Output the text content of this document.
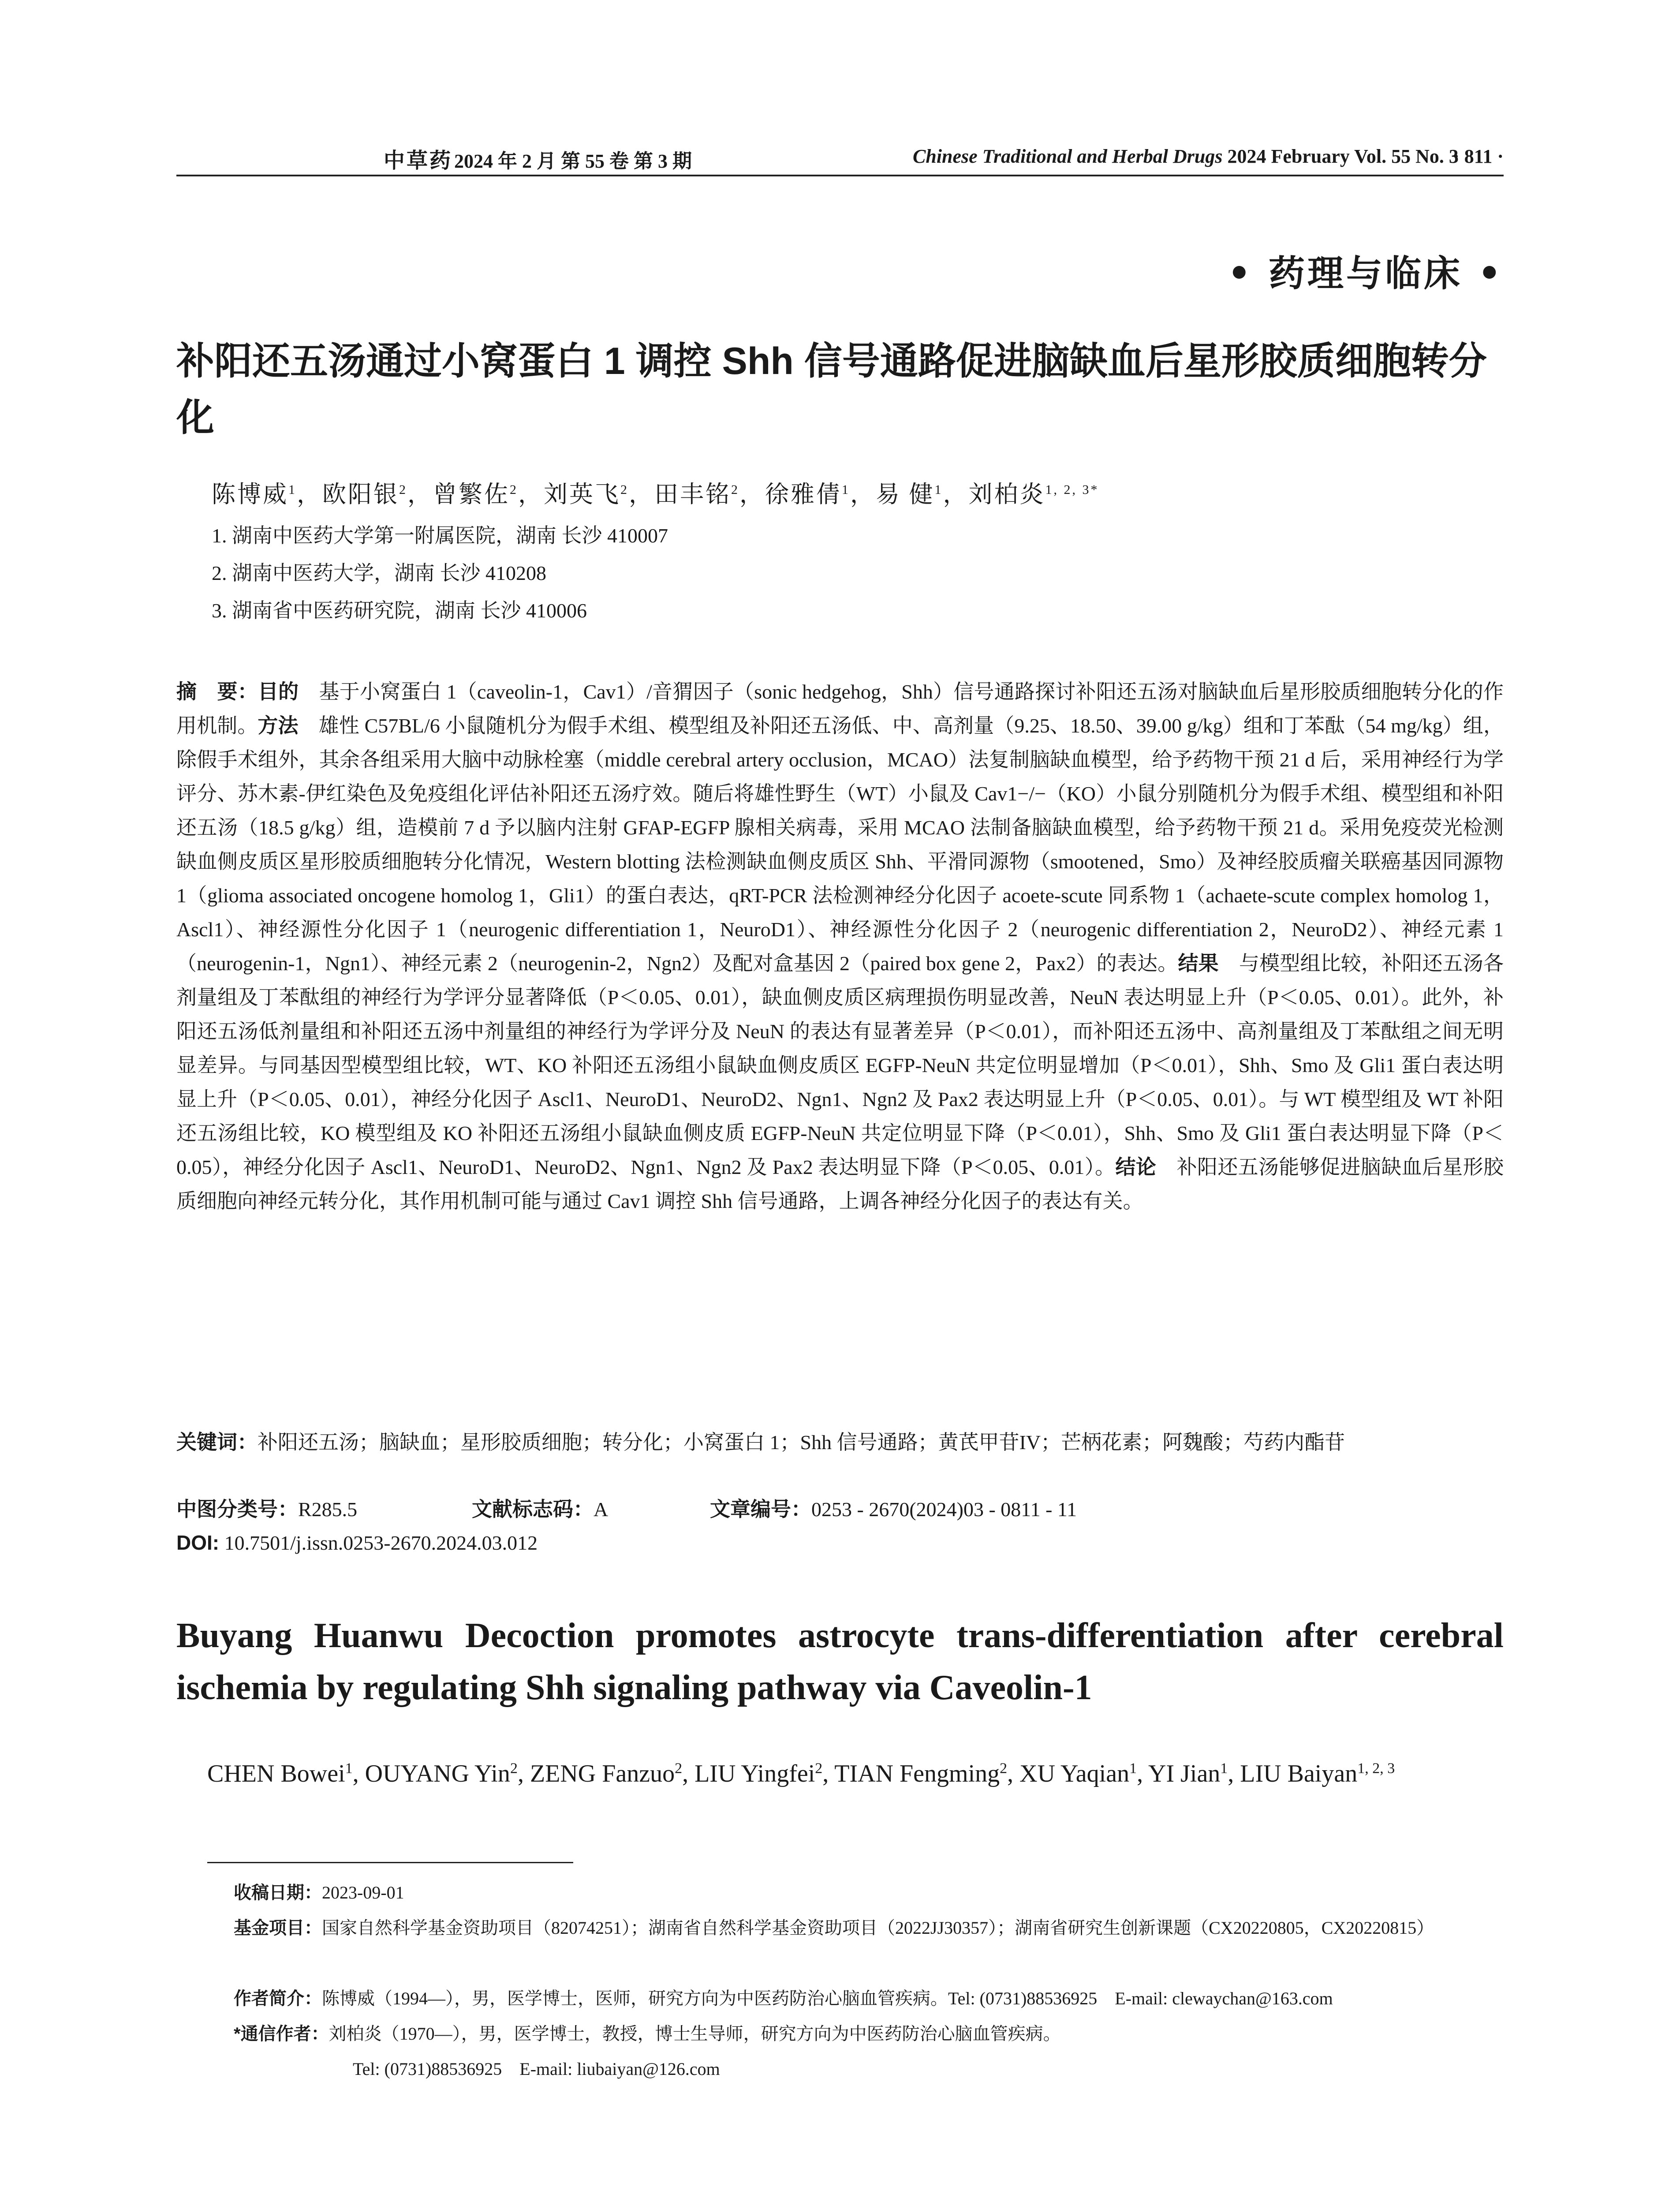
中草药 2024 年 2 月 第 55 卷 第 3 期	Chinese Traditional and Herbal Drugs 2024 February Vol. 55 No. 3
· 811 ·
• 药理与临床 •
补阳还五汤通过小窝蛋白 1 调控 Shh 信号通路促进脑缺血后星形胶质细胞转分化
陈博威$^1$，欧阳银$^2$，曾繁佐$^2$，刘英飞$^2$，田丰铭$^2$，徐雅倩$^1$，易 健$^1$，刘柏炎$^{1, 2, 3*}$
1. 湖南中医药大学第一附属医院，湖南 长沙 410007
2. 湖南中医药大学，湖南 长沙 410208
3. 湖南省中医药研究院，湖南 长沙 410006
摘　要：目的　 基于小窝蛋白 1（caveolin-1，Cav1）/音猬因子（sonic hedgehog，Shh）信号通路探讨补阳还五汤对脑缺血后星形胶质细胞转分化的作用机制。方法　 雄性 C57BL/6 小鼠随机分为假手术组、模型组及补阳还五汤低、中、高剂量（9.25、18.50、39.00 g/kg）组和丁苯酞（54 mg/kg）组，除假手术组外，其余各组采用大脑中动脉栓塞（middle cerebral artery occlusion，MCAO）法复制脑缺血模型，给予药物干预 21 d 后，采用神经行为学评分、苏木素-伊红染色及免疫组化评估补阳还五汤疗效。随后将雄性野生（WT）小鼠及 Cav1−/−（KO）小鼠分别随机分为假手术组、模型组和补阳还五汤（18.5 g/kg）组，造模前 7 d 予以脑内注射 GFAP-EGFP 腺相关病毒，采用 MCAO 法制备脑缺血模型，给予药物干预 21 d。采用免疫荧光检测缺血侧皮质区星形胶质细胞转分化情况，Western blotting 法检测缺血侧皮质区 Shh、平滑同源物（smootened，Smo）及神经胶质瘤关联癌基因同源物 1（glioma associated oncogene homolog 1，Gli1）的蛋白表达，qRT-PCR 法检测神经分化因子 acoete-scute 同系物 1（achaete-scute complex homolog 1，Ascl1）、神经源性分化因子 1（neurogenic differentiation 1，NeuroD1）、神经源性分化因子 2（neurogenic differentiation 2，NeuroD2）、神经元素 1（neurogenin-1，Ngn1）、神经元素 2（neurogenin-2，Ngn2）及配对盒基因 2（paired box gene 2，Pax2）的表达。结果　 与模型组比较，补阳还五汤各剂量组及丁苯酞组的神经行为学评分显著降低（P＜0.05、0.01），缺血侧皮质区病理损伤明显改善，NeuN 表达明显上升（P＜0.05、0.01）。此外，补阳还五汤低剂量组和补阳还五汤中剂量组的神经行为学评分及 NeuN 的表达有显著差异（P＜0.01），而补阳还五汤中、高剂量组及丁苯酞组之间无明显差异。与同基因型模型组比较，WT、KO 补阳还五汤组小鼠缺血侧皮质区 EGFP-NeuN 共定位明显增加（P＜0.01），Shh、Smo 及 Gli1 蛋白表达明显上升（P＜0.05、0.01），神经分化因子 Ascl1、NeuroD1、NeuroD2、Ngn1、Ngn2 及 Pax2 表达明显上升（P＜0.05、0.01）。与 WT 模型组及 WT 补阳还五汤组比较，KO 模型组及 KO 补阳还五汤组小鼠缺血侧皮质 EGFP-NeuN 共定位明显下降（P＜0.01），Shh、Smo 及 Gli1 蛋白表达明显下降（P＜0.05），神经分化因子 Ascl1、NeuroD1、NeuroD2、Ngn1、Ngn2 及 Pax2 表达明显下降（P＜0.05、0.01）。结论　 补阳还五汤能够促进脑缺血后星形胶质细胞向神经元转分化，其作用机制可能与通过 Cav1 调控 Shh 信号通路，上调各神经分化因子的表达有关。
关键词：补阳还五汤；脑缺血；星形胶质细胞；转分化；小窝蛋白 1；Shh 信号通路；黄芪甲苷IV；芒柄花素；阿魏酸；芍药内酯苷
中图分类号：R285.5	文献标志码：A	文章编号：0253 - 2670(2024)03 - 0811 - 11
DOI: 10.7501/j.issn.0253-2670.2024.03.012
Buyang Huanwu Decoction promotes astrocyte trans-differentiation after cerebral ischemia by regulating Shh signaling pathway via Caveolin-1
CHEN Bowei$^1$, OUYANG Yin$^2$, ZENG Fanzuo$^2$, LIU Yingfei$^2$, TIAN Fengming$^2$, XU Yaqian$^1$, YI Jian$^1$, LIU Baiyan$^{1, 2, 3}$
收稿日期：2023-09-01
基金项目： 国家自然科学基金资助项目（82074251）；湖南省自然科学基金资助项目（2022JJ30357）；湖南省研究生创新课题（CX20220805，CX20220815）
作者简介：陈博威（1994—），男，医学博士，医师，研究方向为中医药防治心脑血管疾病。Tel: (0731)88536925　E-mail: clewaychan@163.com
*通信作者：刘柏炎（1970—），男，医学博士，教授，博士生导师，研究方向为中医药防治心脑血管疾病。
Tel: (0731)88536925　E-mail: liubaiyan@126.com
